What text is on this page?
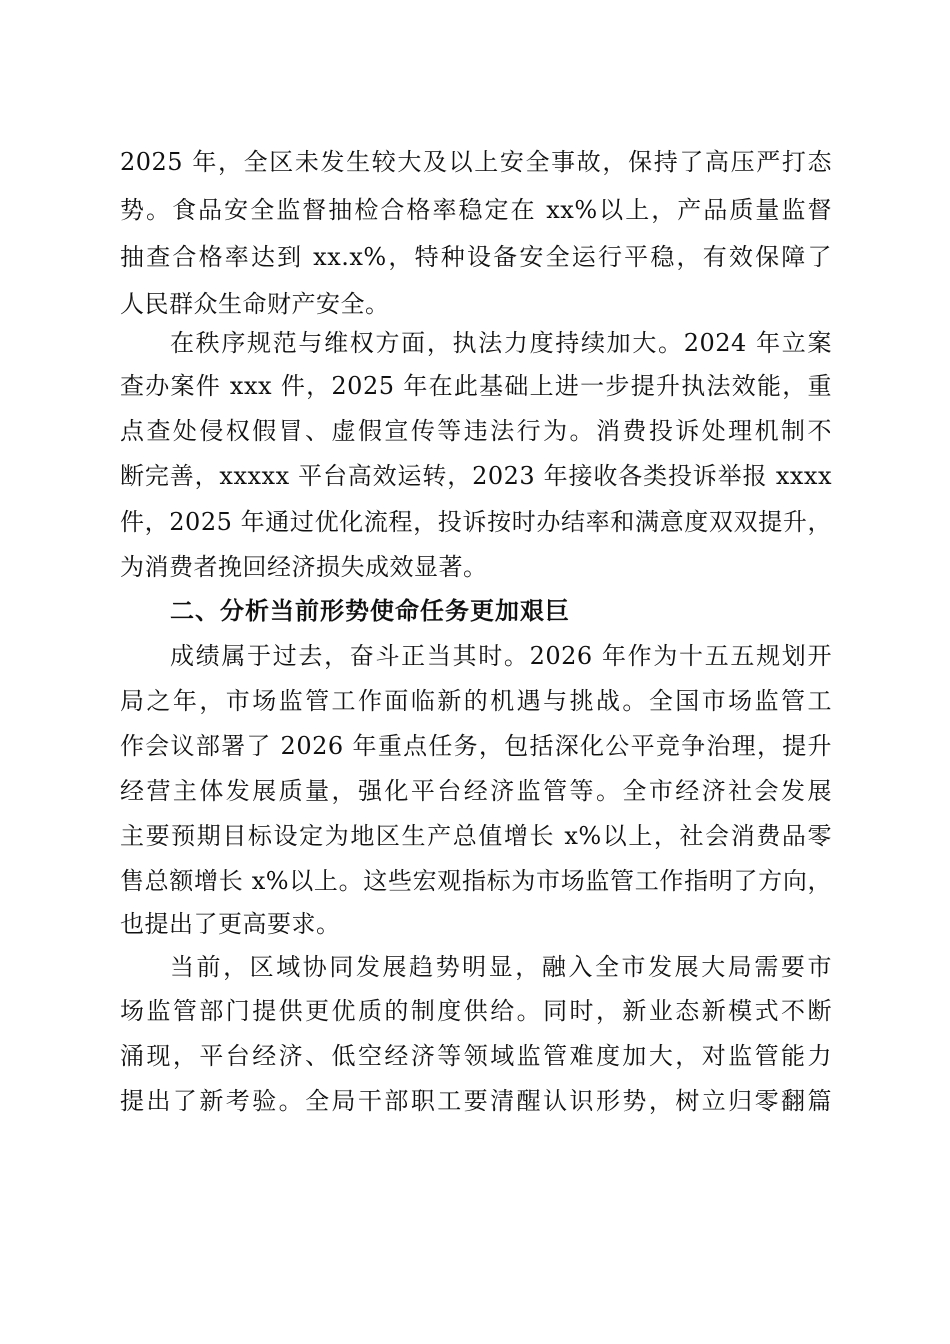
2025 年，全区未发生较大及以上安全事故，保持了高压严打态
势。食品安全监督抽检合格率稳定在 xx%以上，产品质量监督
抽查合格率达到 xx.x%，特种设备安全运行平稳，有效保障了
人民群众生命财产安全。
在秩序规范与维权方面，执法力度持续加大。2024 年立案
查办案件 xxx 件，2025 年在此基础上进一步提升执法效能，重
点查处侵权假冒、虚假宣传等违法行为。消费投诉处理机制不
断完善，xxxxx 平台高效运转，2023 年接收各类投诉举报 xxxx
件，2025 年通过优化流程，投诉按时办结率和满意度双双提升，
为消费者挽回经济损失成效显著。
二、分析当前形势使命任务更加艰巨
成绩属于过去，奋斗正当其时。2026 年作为十五五规划开
局之年，市场监管工作面临新的机遇与挑战。全国市场监管工
作会议部署了 2026 年重点任务，包括深化公平竞争治理，提升
经营主体发展质量，强化平台经济监管等。全市经济社会发展
主要预期目标设定为地区生产总值增长 x%以上，社会消费品零
售总额增长 x%以上。这些宏观指标为市场监管工作指明了方向，
也提出了更高要求。
当前，区域协同发展趋势明显，融入全市发展大局需要市
场监管部门提供更优质的制度供给。同时，新业态新模式不断
涌现，平台经济、低空经济等领域监管难度加大，对监管能力
提出了新考验。全局干部职工要清醒认识形势，树立归零翻篇
